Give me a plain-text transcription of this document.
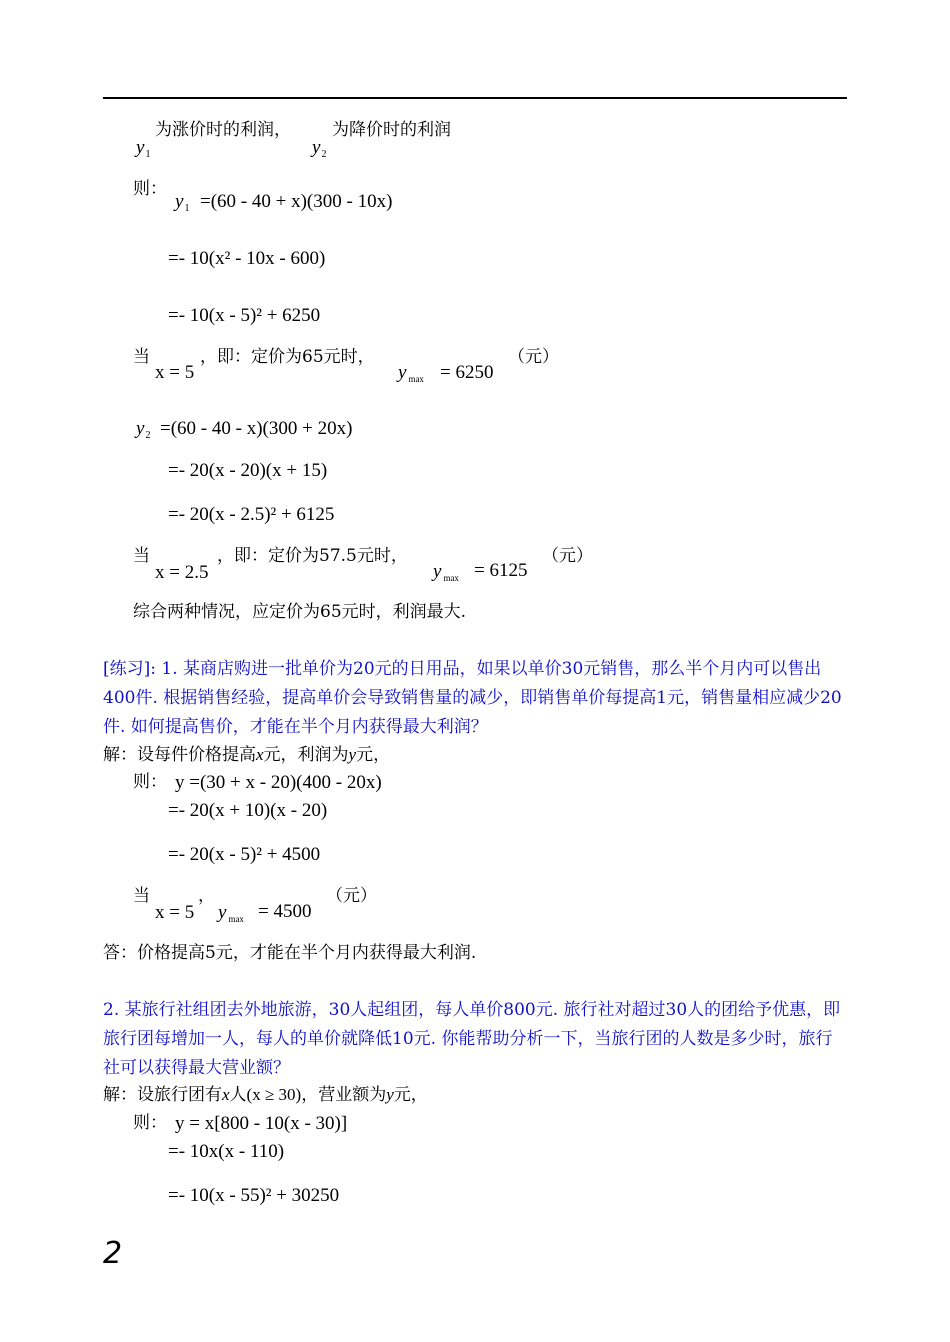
$y_1$
为涨价时的利润，
$y_2$
为降价时的利润
则：
$y_1 =(60 - 40 + x)(300 - 10x)$
=- 10(x² - 10x - 600)
=- 10(x - 5)² + 6250
当
x = 5
，即：定价为65元时，
y $_{max}$ = 6250
（元）
$y_2 =(60 - 40 - x)(300 + 20x)$
=- 20(x - 20)(x + 15)
=- 20(x - 2.5)² + 6125
当
x = 2.5
，即：定价为57.5元时，
y $_{max}$ = 6125
（元）
综合两种情况，应定价为65元时，利润最大.
[练习]: 1. 某商店购进一批单价为20元的日用品，如果以单价30元销售，那么半个月内可以售出400件. 根据销售经验，提高单价会导致销售量的减少，即销售单价每提高1元，销售量相应减少20件. 如何提高售价，才能在半个月内获得最大利润？
解：设每件价格提高x元，利润为y元，
则： y =(30 + x - 20)(400 - 20x)
=- 20(x + 10)(x - 20)
=- 20(x - 5)² + 4500
当
x = 5
，
y $_{max}$ = 4500
（元）
答：价格提高5元，才能在半个月内获得最大利润.
2. 某旅行社组团去外地旅游，30人起组团，每人单价800元. 旅行社对超过30人的团给予优惠，即旅行团每增加一人，每人的单价就降低10元. 你能帮助分析一下，当旅行团的人数是多少时，旅行社可以获得最大营业额？
解：设旅行团有x人(x ≥ 30)，营业额为y元，
则： y = x[800 - 10(x - 30)]
=- 10x(x - 110)
=- 10(x - 55)² + 30250
2
